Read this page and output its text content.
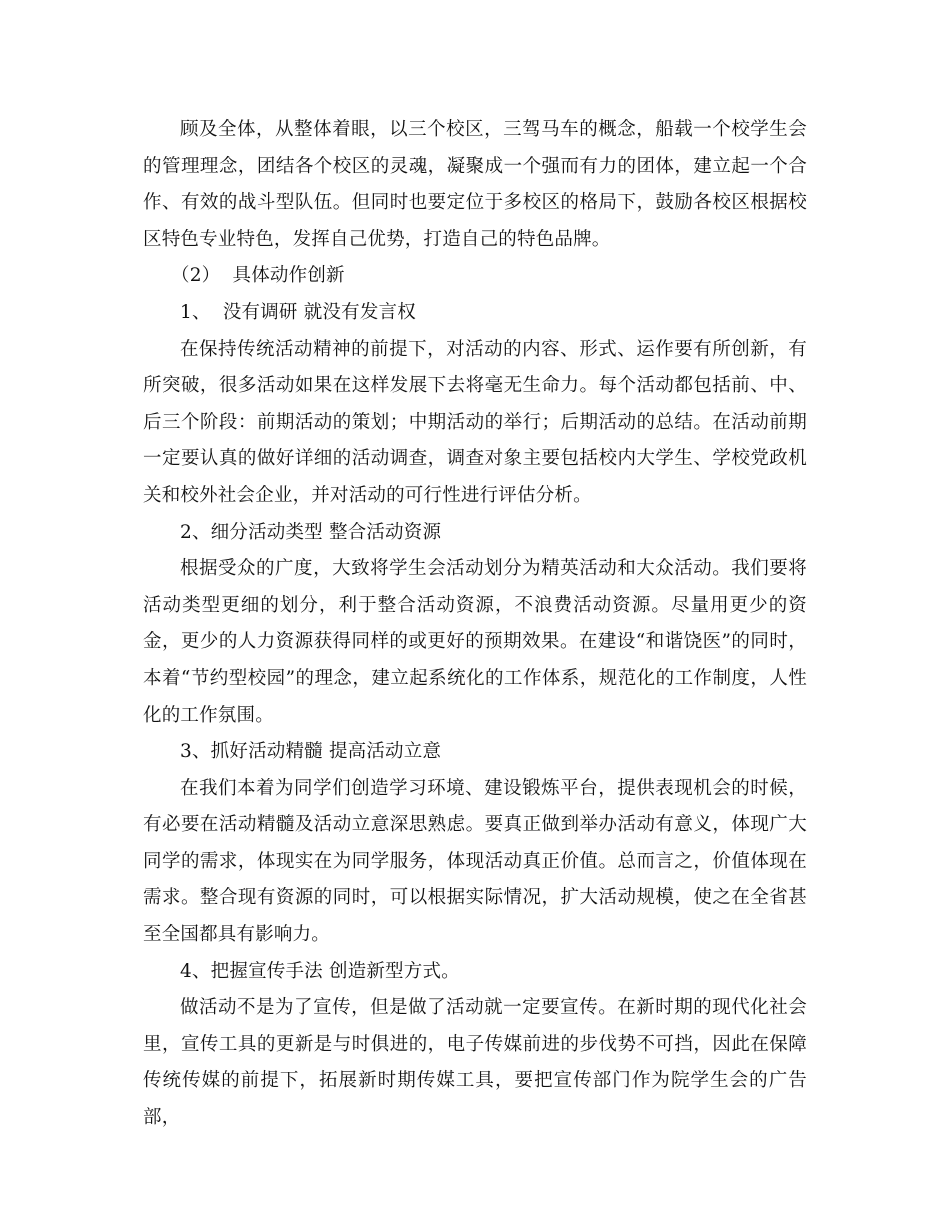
顾及全体，从整体着眼，以三个校区，三驾马车的概念，船载一个校学生会的管理理念，团结各个校区的灵魂，凝聚成一个强而有力的团体，建立起一个合作、有效的战斗型队伍。但同时也要定位于多校区的格局下，鼓励各校区根据校区特色专业特色，发挥自己优势，打造自己的特色品牌。

（2）  具体动作创新

1、  没有调研 就没有发言权

在保持传统活动精神的前提下，对活动的内容、形式、运作要有所创新，有所突破，很多活动如果在这样发展下去将毫无生命力。每个活动都包括前、中、后三个阶段：前期活动的策划；中期活动的举行；后期活动的总结。在活动前期一定要认真的做好详细的活动调查，调查对象主要包括校内大学生、学校党政机关和校外社会企业，并对活动的可行性进行评估分析。

2、细分活动类型 整合活动资源

根据受众的广度，大致将学生会活动划分为精英活动和大众活动。我们要将活动类型更细的划分，利于整合活动资源，不浪费活动资源。尽量用更少的资金，更少的人力资源获得同样的或更好的预期效果。在建设“和谐饶医”的同时，本着“节约型校园”的理念，建立起系统化的工作体系，规范化的工作制度，人性化的工作氛围。

3、抓好活动精髓 提高活动立意

在我们本着为同学们创造学习环境、建设锻炼平台，提供表现机会的时候，有必要在活动精髓及活动立意深思熟虑。要真正做到举办活动有意义，体现广大同学的需求，体现实在为同学服务，体现活动真正价值。总而言之，价值体现在需求。整合现有资源的同时，可以根据实际情况，扩大活动规模，使之在全省甚至全国都具有影响力。

4、把握宣传手法 创造新型方式。

做活动不是为了宣传，但是做了活动就一定要宣传。在新时期的现代化社会里，宣传工具的更新是与时俱进的，电子传媒前进的步伐势不可挡，因此在保障传统传媒的前提下，拓展新时期传媒工具，要把宣传部门作为院学生会的广告部，
